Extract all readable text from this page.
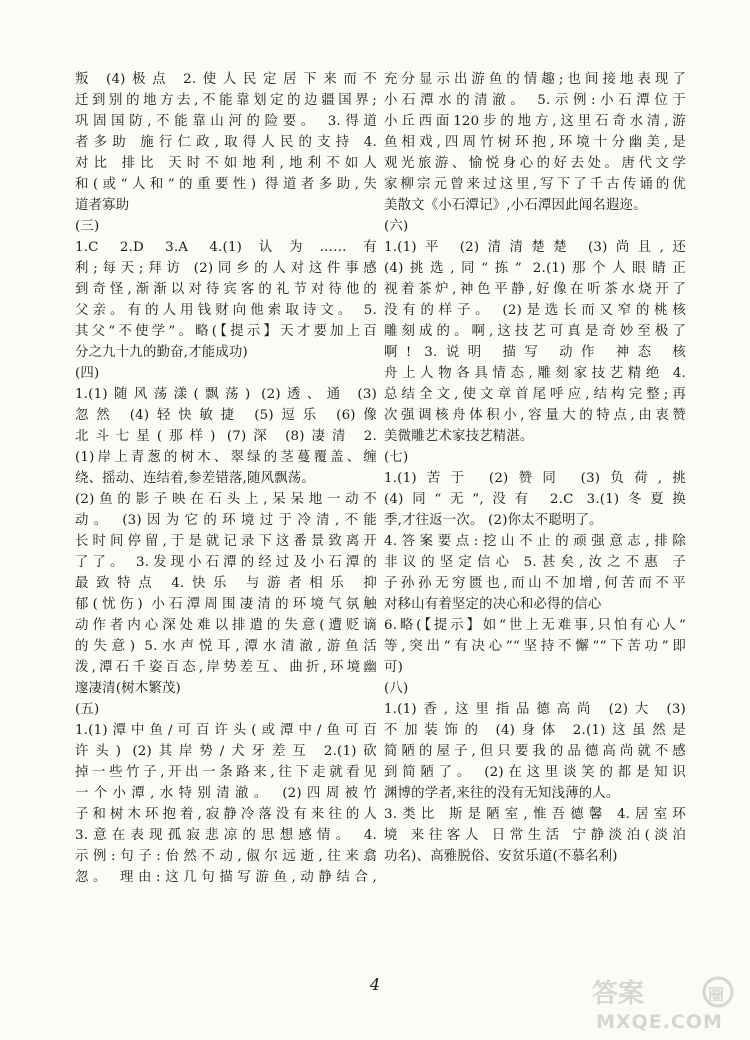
叛 (4)极点 2.使人民定居下来而不
迁到别的地方去,不能靠划定的边疆国界;
巩固国防,不能靠山河的险要。 3.得道
者多助 施行仁政,取得人民的支持 4.
对比 排比 天时不如地利,地利不如人
和(或“人和”的重要性) 得道者多助,失
道者寡助
(三)
1.C 2.D 3.A 4.(1)认为……有
利;每天;拜访 (2)同乡的人对这件事感
到奇怪,渐渐以对待宾客的礼节对待他的
父亲。有的人用钱财向他索取诗文。 5.
其父“不使学”。略(【提示】天才要加上百
分之九十九的勤奋,才能成功)
(四)
1.(1)随风荡漾(飘荡) (2)透、通 (3)
忽然 (4)轻快敏捷 (5)逗乐 (6)像
北斗七星(那样) (7)深 (8)凄清 2.
(1)岸上青葱的树木、翠绿的茎蔓覆盖、缠
绕、摇动、连结着,参差错落,随风飘荡。
(2)鱼的影子映在石头上,呆呆地一动不
动。 (3)因为它的环境过于冷清,不能
长时间停留,于是就记录下这番景致离开
了了。 3.发现小石潭的经过及小石潭的
最致特点 4.快乐 与游者相乐 抑
郁(忧伤) 小石潭周围凄清的环境气氛触
动作者内心深处难以排遣的失意(遭贬谪
的失意) 5.水声悦耳,潭水清澈,游鱼活
泼,潭石千姿百态,岸势差互、曲折,环境幽
邃凄清(树木繁茂)
(五)
1.(1)潭中鱼/可百许头(或潭中/鱼可百
许头) (2)其岸势/犬牙差互 2.(1)砍
掉一些竹子,开出一条路来,往下走就看见
一个小潭,水特别清澈。 (2)四周被竹
子和树木环抱着,寂静冷落没有来往的人
3.意在表现孤寂悲凉的思想感情。 4.
示例:句子:佁然不动,俶尔远逝,往来翕
忽。 理由:这几句描写游鱼,动静结合,
充分显示出游鱼的情趣;也间接地表现了
小石潭水的清澈。 5.示例:小石潭位于
小丘西面120步的地方,这里石奇水清,游
鱼相戏,四周竹树环抱,环境十分幽美,是
观光旅游、愉悦身心的好去处。唐代文学
家柳宗元曾来过这里,写下了千古传诵的优
美散文《小石潭记》,小石潭因此闻名遐迩。
(六)
1.(1)平 (2)清清楚楚 (3)尚且,还
(4)挑选,同“拣” 2.(1)那个人眼睛正
视着茶炉,神色平静,好像在听茶水烧开了
没有的样子。 (2)是选长而又窄的桃核
雕刻成的。啊,这技艺可真是奇妙至极了
啊! 3.说明 描写 动作 神态 核
舟上人物各具情态,雕刻家技艺精绝 4.
总结全文,使文章首尾呼应,结构完整;再
次强调核舟体积小,容量大的特点,由衷赞
美微雕艺术家技艺精湛。
(七)
1.(1)苦于 (2)赞同 (3)负荷,挑
(4)同“无”,没有 2.C 3.(1)冬夏换
季,才往返一次。 (2)你太不聪明了。
4.答案要点:挖山不止的顽强意志,排除
非议的坚定信心 5.甚矣,汝之不惠 子
子孙孙无穷匮也,而山不加增,何苦而不平
对移山有着坚定的决心和必得的信心
6.略(【提示】如“世上无难事,只怕有心人”
等,突出“有决心”“坚持不懈”“下苦功”即
可)
(八)
1.(1)香,这里指品德高尚 (2)大 (3)
不加装饰的 (4)身体 2.(1)这虽然是
简陋的屋子,但只要我的品德高尚就不感
到简陋了。 (2)在这里谈笑的都是知识
渊博的学者,来往的没有无知浅薄的人。
3.类比 斯是陋室,惟吾德馨 4.居室环
境 来往客人 日常生活 宁静淡泊(淡泊
功名)、高雅脱俗、安贫乐道(不慕名利)
4	答案	圈
MXQE.COM
